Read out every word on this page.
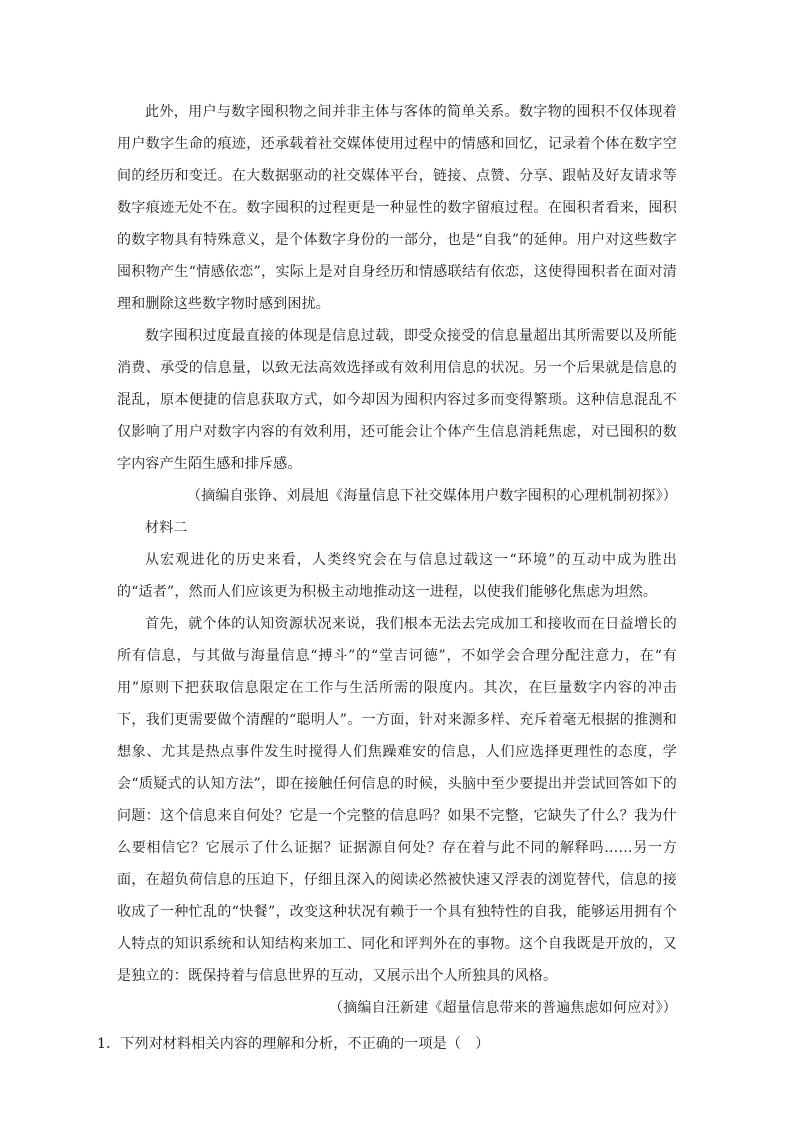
此外，用户与数字囤积物之间并非主体与客体的简单关系。数字物的囤积不仅体现着用户数字生命的痕迹，还承载着社交媒体使用过程中的情感和回忆，记录着个体在数字空间的经历和变迁。在大数据驱动的社交媒体平台，链接、点赞、分享、跟帖及好友请求等数字痕迹无处不在。数字囤积的过程更是一种显性的数字留痕过程。在囤积者看来，囤积的数字物具有特殊意义，是个体数字身份的一部分，也是“自我”的延伸。用户对这些数字囤积物产生“情感依恋”，实际上是对自身经历和情感联结有依恋，这使得囤积者在面对清理和删除这些数字物时感到困扰。

数字囤积过度最直接的体现是信息过载，即受众接受的信息量超出其所需要以及所能消费、承受的信息量，以致无法高效选择或有效利用信息的状况。另一个后果就是信息的混乱，原本便捷的信息获取方式，如今却因为囤积内容过多而变得繁琐。这种信息混乱不仅影响了用户对数字内容的有效利用，还可能会让个体产生信息消耗焦虑，对已囤积的数字内容产生陌生感和排斥感。

（摘编自张铮、刘晨旭《海量信息下社交媒体用户数字囤积的心理机制初探》）

材料二

从宏观进化的历史来看，人类终究会在与信息过载这一“环境”的互动中成为胜出的“适者”，然而人们应该更为积极主动地推动这一进程，以使我们能够化焦虑为坦然。

首先，就个体的认知资源状况来说，我们根本无法去完成加工和接收而在日益增长的所有信息，与其做与海量信息“搏斗”的“堂吉诃德”，不如学会合理分配注意力，在“有用”原则下把获取信息限定在工作与生活所需的限度内。其次，在巨量数字内容的冲击下，我们更需要做个清醒的“聪明人”。一方面，针对来源多样、充斥着毫无根据的推测和想象、尤其是热点事件发生时搅得人们焦躁难安的信息，人们应选择更理性的态度，学会“质疑式的认知方法”，即在接触任何信息的时候，头脑中至少要提出并尝试回答如下的问题：这个信息来自何处？它是一个完整的信息吗？如果不完整，它缺失了什么？我为什么要相信它？它展示了什么证据？证据源自何处？存在着与此不同的解释吗……另一方面，在超负荷信息的压迫下，仔细且深入的阅读必然被快速又浮表的浏览替代，信息的接收成了一种忙乱的“快餐”，改变这种状况有赖于一个具有独特性的自我，能够运用拥有个人特点的知识系统和认知结构来加工、同化和评判外在的事物。这个自我既是开放的，又是独立的：既保持着与信息世界的互动，又展示出个人所独具的风格。

（摘编自汪新建《超量信息带来的普遍焦虑如何应对》）

1．下列对材料相关内容的理解和分析，不正确的一项是（　）
